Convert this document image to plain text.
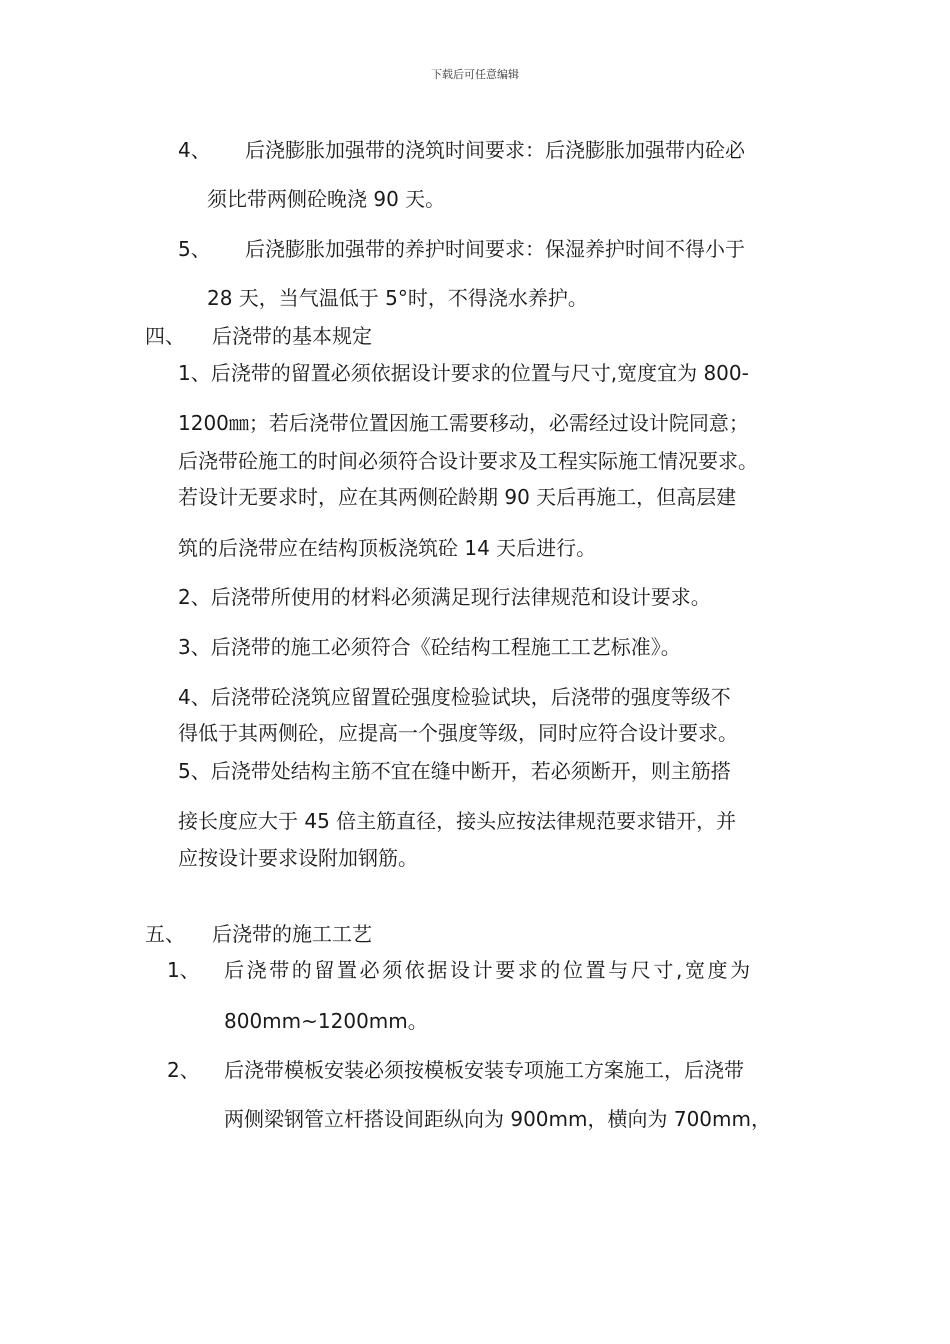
下载后可任意编辑
4、 后浇膨胀加强带的浇筑时间要求：后浇膨胀加强带内砼必
须比带两侧砼晚浇 90 天。
5、 后浇膨胀加强带的养护时间要求：保湿养护时间不得小于
28 天，当气温低于 5°时，不得浇水养护。
四、 后浇带的基本规定
1、后浇带的留置必须依据设计要求的位置与尺寸,宽度宜为 800-
1200㎜；若后浇带位置因施工需要移动，必需经过设计院同意；
后浇带砼施工的时间必须符合设计要求及工程实际施工情况要求。
若设计无要求时，应在其两侧砼龄期 90 天后再施工，但高层建
筑的后浇带应在结构顶板浇筑砼 14 天后进行。
2、后浇带所使用的材料必须满足现行法律规范和设计要求。
3、后浇带的施工必须符合《砼结构工程施工工艺标准》。
4、后浇带砼浇筑应留置砼强度检验试块，后浇带的强度等级不
得低于其两侧砼，应提高一个强度等级，同时应符合设计要求。
5、后浇带处结构主筋不宜在缝中断开，若必须断开，则主筋搭
接长度应大于 45 倍主筋直径，接头应按法律规范要求错开，并
应按设计要求设附加钢筋。
五、 后浇带的施工工艺
1、 后浇带的留置必须依据设计要求的位置与尺寸,宽度为
800mm~1200mm。
2、 后浇带模板安装必须按模板安装专项施工方案施工，后浇带
两侧梁钢管立杆搭设间距纵向为 900mm，横向为 700mm，
